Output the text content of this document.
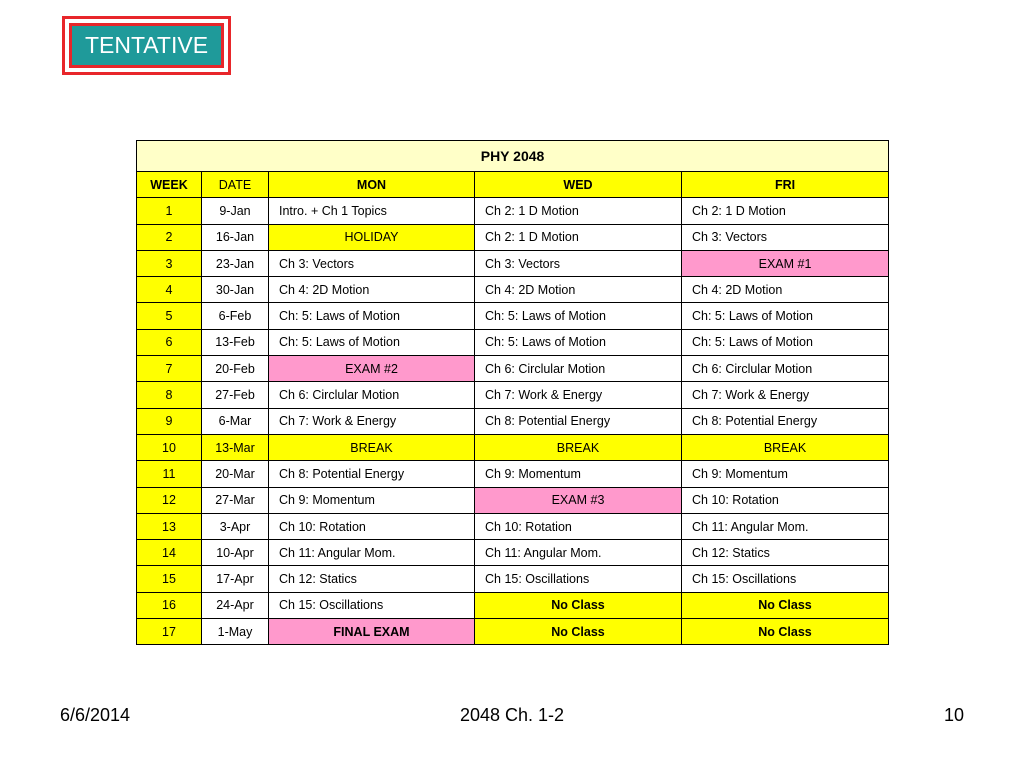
TENTATIVE
PHY 2048				
WEEK	DATE	MON	WED	FRI
1	9-Jan	Intro. + Ch 1 Topics	Ch 2: 1 D Motion	Ch 2: 1 D Motion
2	16-Jan	HOLIDAY	Ch 2: 1 D Motion	Ch 3: Vectors
3	23-Jan	Ch 3: Vectors	Ch 3: Vectors	EXAM #1
4	30-Jan	Ch 4: 2D Motion	Ch 4: 2D Motion	Ch 4: 2D Motion
5	6-Feb	Ch: 5: Laws of Motion	Ch: 5: Laws of Motion	Ch: 5: Laws of Motion
6	13-Feb	Ch: 5: Laws of Motion	Ch: 5: Laws of Motion	Ch: 5: Laws of Motion
7	20-Feb	EXAM #2	Ch 6: Circlular Motion	Ch 6: Circlular Motion
8	27-Feb	Ch 6: Circlular Motion	Ch 7: Work & Energy	Ch 7: Work & Energy
9	6-Mar	Ch 7: Work & Energy	Ch 8: Potential Energy	Ch 8: Potential Energy
10	13-Mar	BREAK	BREAK	BREAK
11	20-Mar	Ch 8: Potential Energy	Ch 9: Momentum	Ch 9: Momentum
12	27-Mar	Ch 9: Momentum	EXAM #3	Ch 10: Rotation
13	3-Apr	Ch 10: Rotation	Ch 10: Rotation	Ch 11: Angular Mom.
14	10-Apr	Ch 11: Angular Mom.	Ch 11: Angular Mom.	Ch 12: Statics
15	17-Apr	Ch 12: Statics	Ch 15: Oscillations	Ch 15: Oscillations
16	24-Apr	Ch 15: Oscillations	No Class	No Class
17	1-May	FINAL EXAM	No Class	No Class
6/6/2014	2048 Ch. 1-2	10
